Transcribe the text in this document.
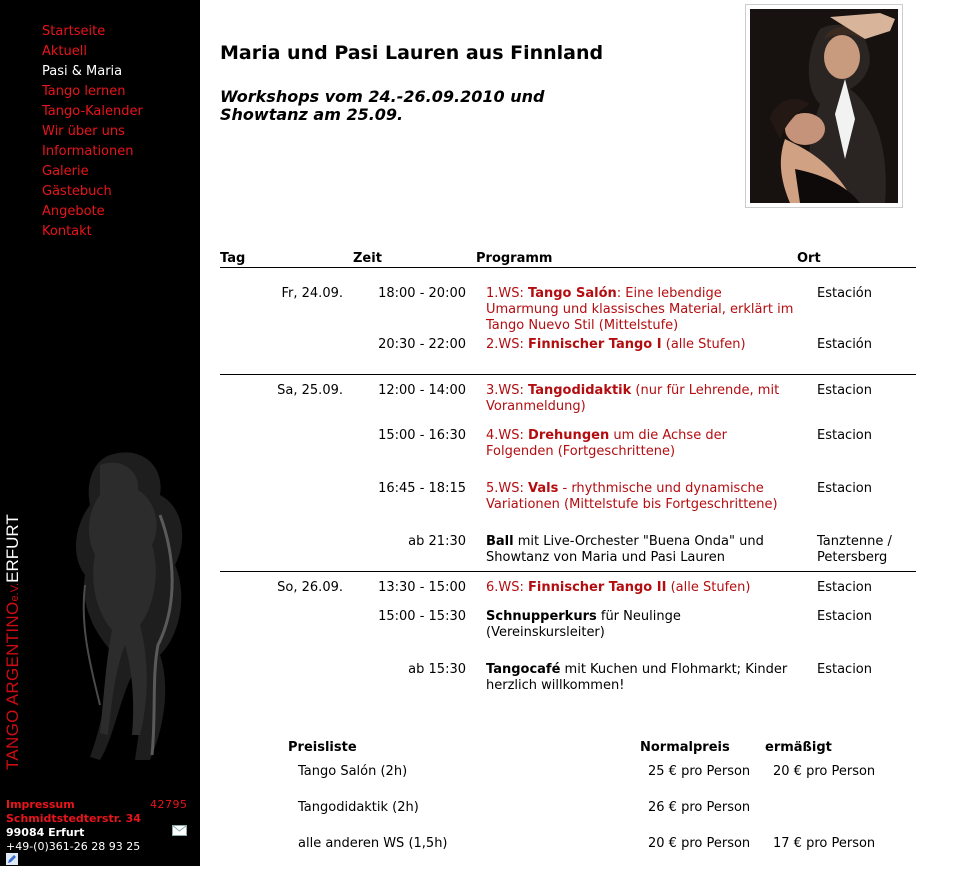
Startseite
Aktuell
Pasi & Maria
Tango lernen
Tango-Kalender
Wir über uns
Informationen
Galerie
Gästebuch
Angebote
Kontakt
TANGO ARGENTINOe.V.ERFURT
Impressum	42795

Schmidtstedterstr. 34
99084 Erfurt
+49-(0)361-26 28 93 25
Maria und Pasi Lauren aus Finnland
Workshops vom 24.-26.09.2010 und Showtanz am 25.09.
Tag	Zeit	Programm	Ort
Fr, 24.09.	18:00 - 20:00	1.WS: Tango Salón: Eine lebendige Umarmung und klassisches Material, erklärt im Tango Nuevo Stil (Mittelstufe)	Estación
	20:30 - 22:00	2.WS: Finnischer Tango I (alle Stufen)	Estación
Sa, 25.09.	12:00 - 14:00	3.WS: Tangodidaktik (nur für Lehrende, mit Voranmeldung)	Estacion
	15:00 - 16:30	4.WS: Drehungen um die Achse der Folgenden (Fortgeschrittene)	Estacion
	16:45 - 18:15	5.WS: Vals - rhythmische und dynamische Variationen (Mittelstufe bis Fortgeschrittene)	Estacion
	ab 21:30	Ball mit Live-Orchester "Buena Onda" und Showtanz von Maria und Pasi Lauren	Tanztenne / Petersberg
So, 26.09.	13:30 - 15:00	6.WS: Finnischer Tango II (alle Stufen)	Estacion
	15:00 - 15:30	Schnupperkurs für Neulinge (Vereinskursleiter)	Estacion
	ab 15:30	Tangocafé mit Kuchen und Flohmarkt; Kinder herzlich willkommen!	Estacion
Preisliste	Normalpreis	ermäßigt
Tango Salón (2h)	25 € pro Person	20 € pro Person
Tangodidaktik (2h)	26 € pro Person	
alle anderen WS (1,5h)	20 € pro Person	17 € pro Person
